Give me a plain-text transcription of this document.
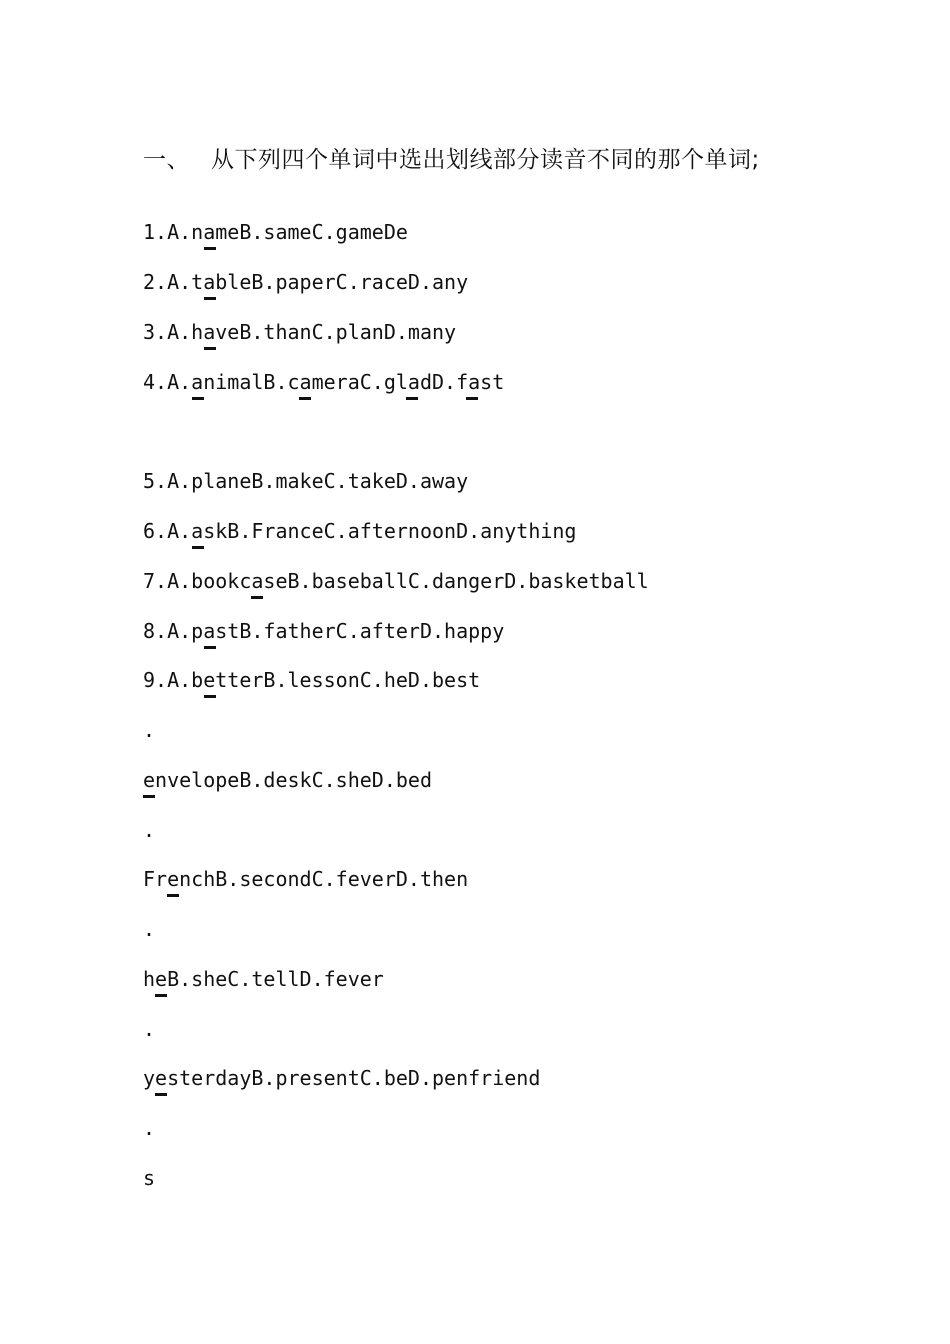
一、 从下列四个单词中选出划线部分读音不同的那个单词;
1.A.nameB.sameC.gameDe
2.A.tableB.paperC.raceD.any
3.A.haveB.thanC.planD.many
4.A.animalB.cameraC.gladD.fast
5.A.planeB.makeC.takeD.away
6.A.askB.FranceC.afternoonD.anything
7.A.bookcaseB.baseballC.dangerD.basketball
8.A.pastB.fatherC.afterD.happy
9.A.betterB.lessonC.heD.best
.
envelopeB.deskC.sheD.bed
.
FrenchB.secondC.feverD.then
.
heB.sheC.tellD.fever
.
yesterdayB.presentC.beD.penfriend
.
s
